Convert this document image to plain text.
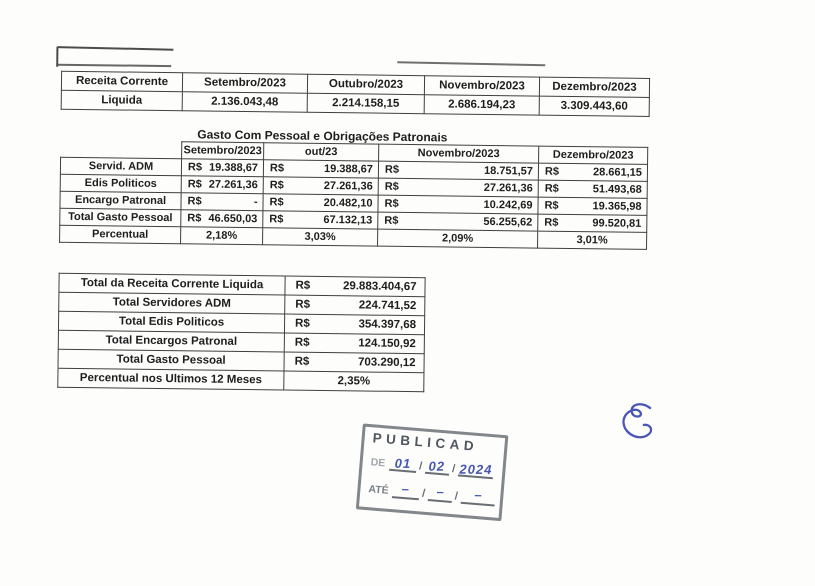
Receita Corrente	Setembro/2023	Outubro/2023	Novembro/2023	Dezembro/2023
Liquida	2.136.043,48	2.214.158,15	2.686.194,23	3.309.443,60
Gasto Com Pessoal e Obrigações Patronais
	Setembro/2023	out/23	Novembro/2023	Dezembro/2023
Servid. ADM	R$ 19.388,67	R$ 19.388,67	R$ 18.751,57	R$ 28.661,15

Edis Politicos	R$ 27.261,36	R$ 27.261,36	R$ 27.261,36	R$ 51.493,68

Encargo Patronal	R$ -	R$ 20.482,10	R$ 10.242,69	R$ 19.365,98

Total Gasto Pessoal	R$ 46.650,03	R$ 67.132,13	R$ 56.255,62	R$ 99.520,81

Percentual	2,18%	3,03%	2,09%	3,01%
Total da Receita Corrente Liquida	R$ 29.883.404,67

Total Servidores ADM	R$ 224.741,52

Total Edis Politicos	R$ 354.397,68

Total Encargos Patronal	R$ 124.150,92

Total Gasto Pessoal	R$ 703.290,12

Percentual nos Ultimos 12 Meses	2,35%
PUBLICAD
DE 01 / 02 / 2024
ATÉ –	/ – /	–
